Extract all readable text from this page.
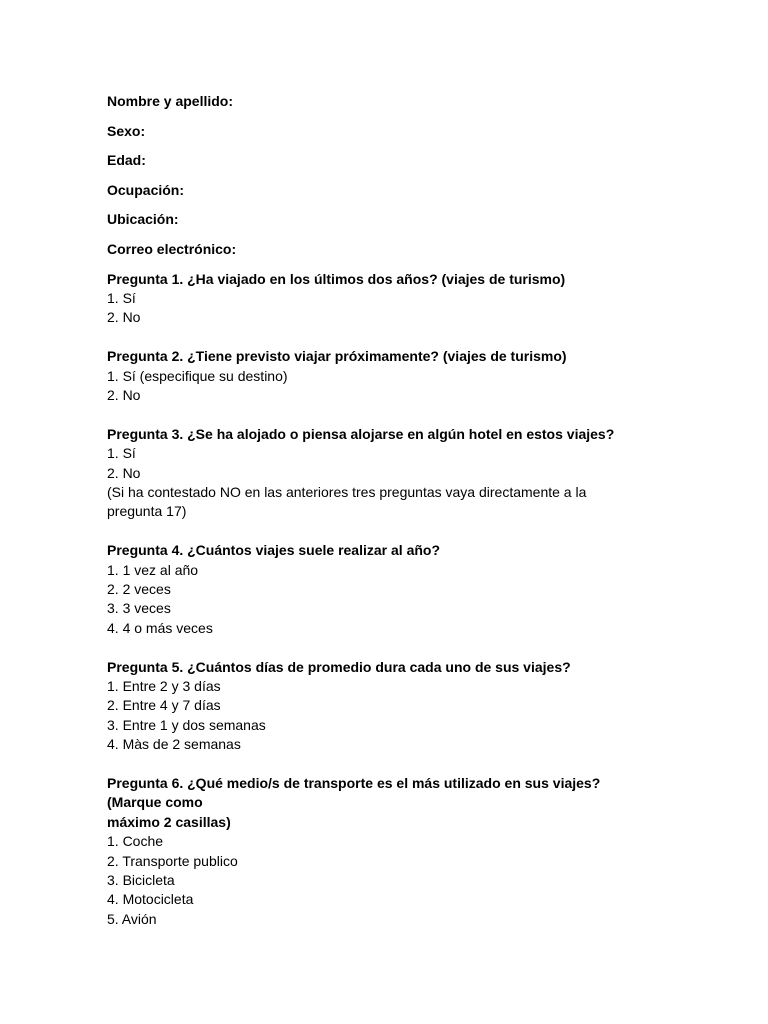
Nombre y apellido:
Sexo:
Edad:
Ocupación:
Ubicación:
Correo electrónico:
Pregunta 1. ¿Ha viajado en los últimos dos años? (viajes de turismo)
1. Sí
2. No
Pregunta 2. ¿Tiene previsto viajar próximamente? (viajes de turismo)
1. Sí (especifique su destino)
2. No
Pregunta 3. ¿Se ha alojado o piensa alojarse en algún hotel en estos viajes?
1. Sí
2. No
(Si ha contestado NO en las anteriores tres preguntas vaya directamente a la
pregunta 17)
Pregunta 4. ¿Cuántos viajes suele realizar al año?
1. 1 vez al año
2. 2 veces
3. 3 veces
4. 4 o más veces
Pregunta 5. ¿Cuántos días de promedio dura cada uno de sus viajes?
1. Entre 2 y 3 días
2. Entre 4 y 7 días
3. Entre 1 y dos semanas
4. Màs de 2 semanas
Pregunta 6. ¿Qué medio/s de transporte es el más utilizado en sus viajes?
(Marque como
máximo 2 casillas)
1. Coche
2. Transporte publico
3. Bicicleta
4. Motocicleta
5. Avión
